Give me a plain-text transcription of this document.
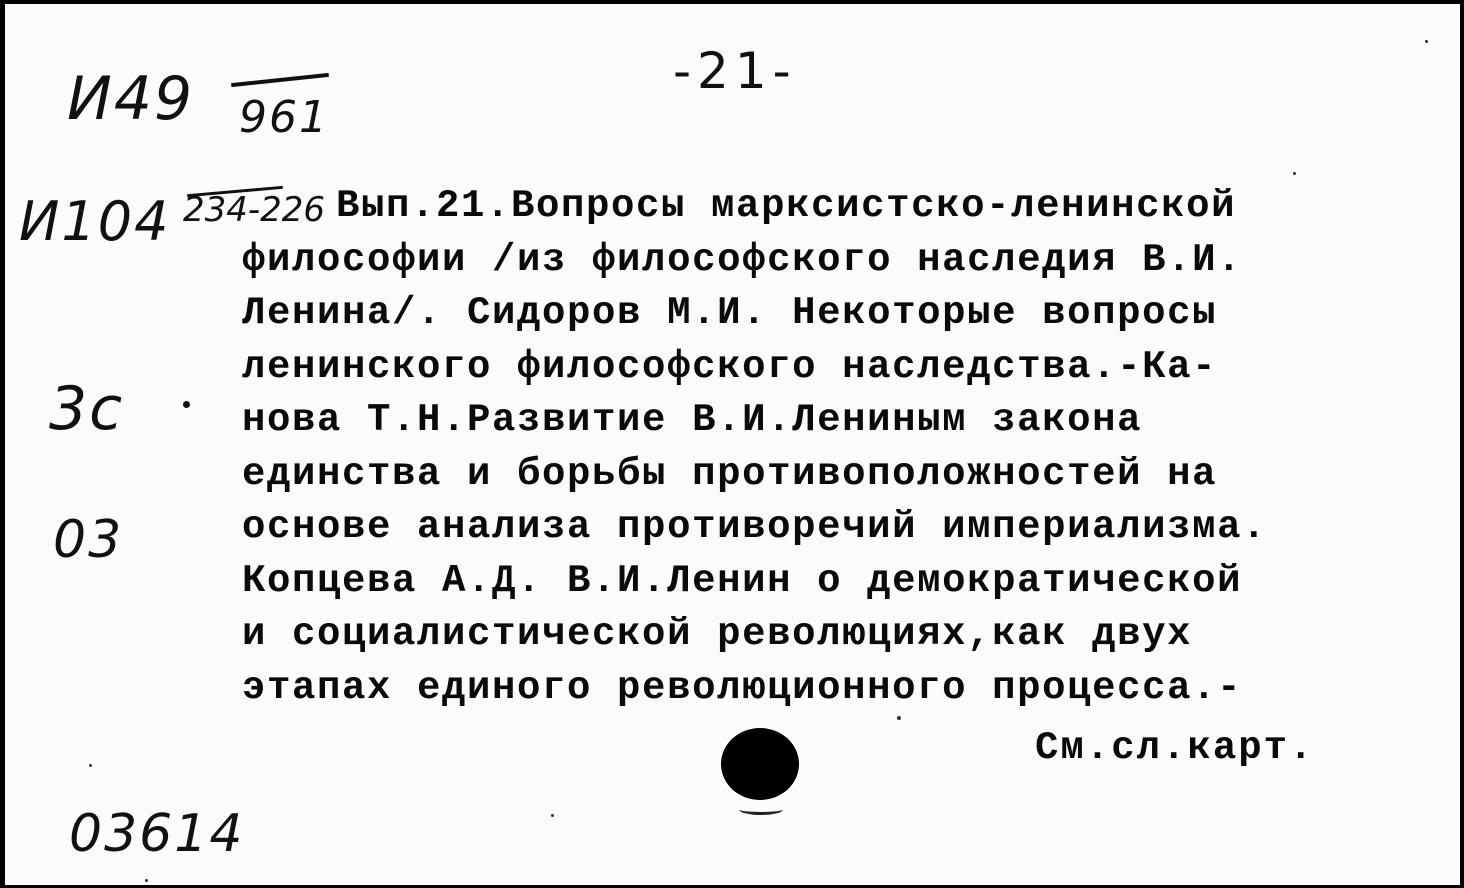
-21-
И49 961
И104 234-226
3с
03
03614
Вып.21.Вопросы марксистско-ленинской
философии /из философского наследия В.И.
Ленина/. Сидоров М.И. Некоторые вопросы
ленинского философского наследства.-Ка-
нова Т.Н.Развитие В.И.Лениным закона
единства и борьбы противоположностей на
основе анализа противоречий империализма.
Копцева А.Д. В.И.Ленин о демократической
и социалистической революциях,как двух
этапах единого революционного процесса.-
См.сл.карт.
